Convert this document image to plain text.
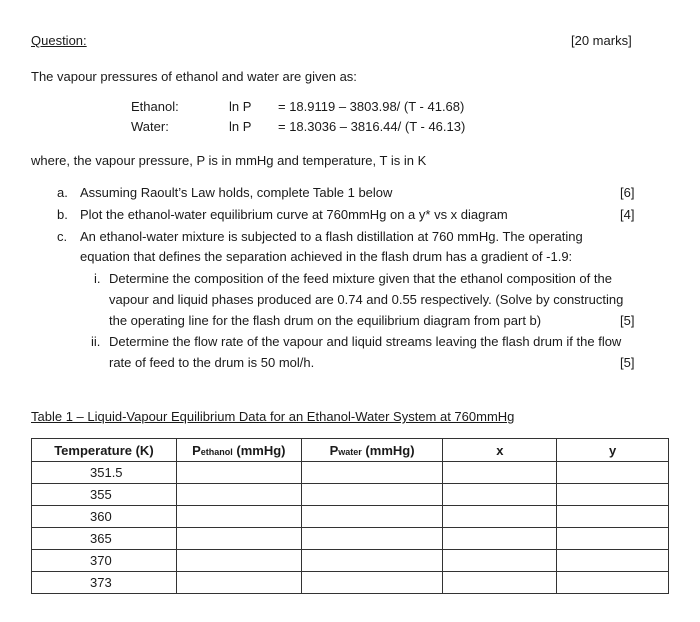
Question:	[20 marks]
The vapour pressures of ethanol and water are given as:
Ethanol:	ln P = 18.9119 – 3803.98/ (T - 41.68)
Water:	ln P = 18.3036 – 3816.44/ (T - 46.13)
where, the vapour pressure, P is in mmHg and temperature, T is in K
a. Assuming Raoult’s Law holds, complete Table 1 below	[6]
b. Plot the ethanol-water equilibrium curve at 760mmHg on a y* vs x diagram	[4]
c. An ethanol-water mixture is subjected to a flash distillation at 760 mmHg. The operating
equation that defines the separation achieved in the flash drum has a gradient of -1.9:
i. Determine the composition of the feed mixture given that the ethanol composition of the
vapour and liquid phases produced are 0.74 and 0.55 respectively. (Solve by constructing
the operating line for the flash drum on the equilibrium diagram from part b)	[5]
ii. Determine the flow rate of the vapour and liquid streams leaving the flash drum if the flow
rate of feed to the drum is 50 mol/h.	[5]
Table 1 – Liquid-Vapour Equilibrium Data for an Ethanol-Water System at 760mmHg
Temperature (K)	Pethanol (mmHg)	Pwater (mmHg)	x	y
351.5				
355				
360				
365				
370				
373				
